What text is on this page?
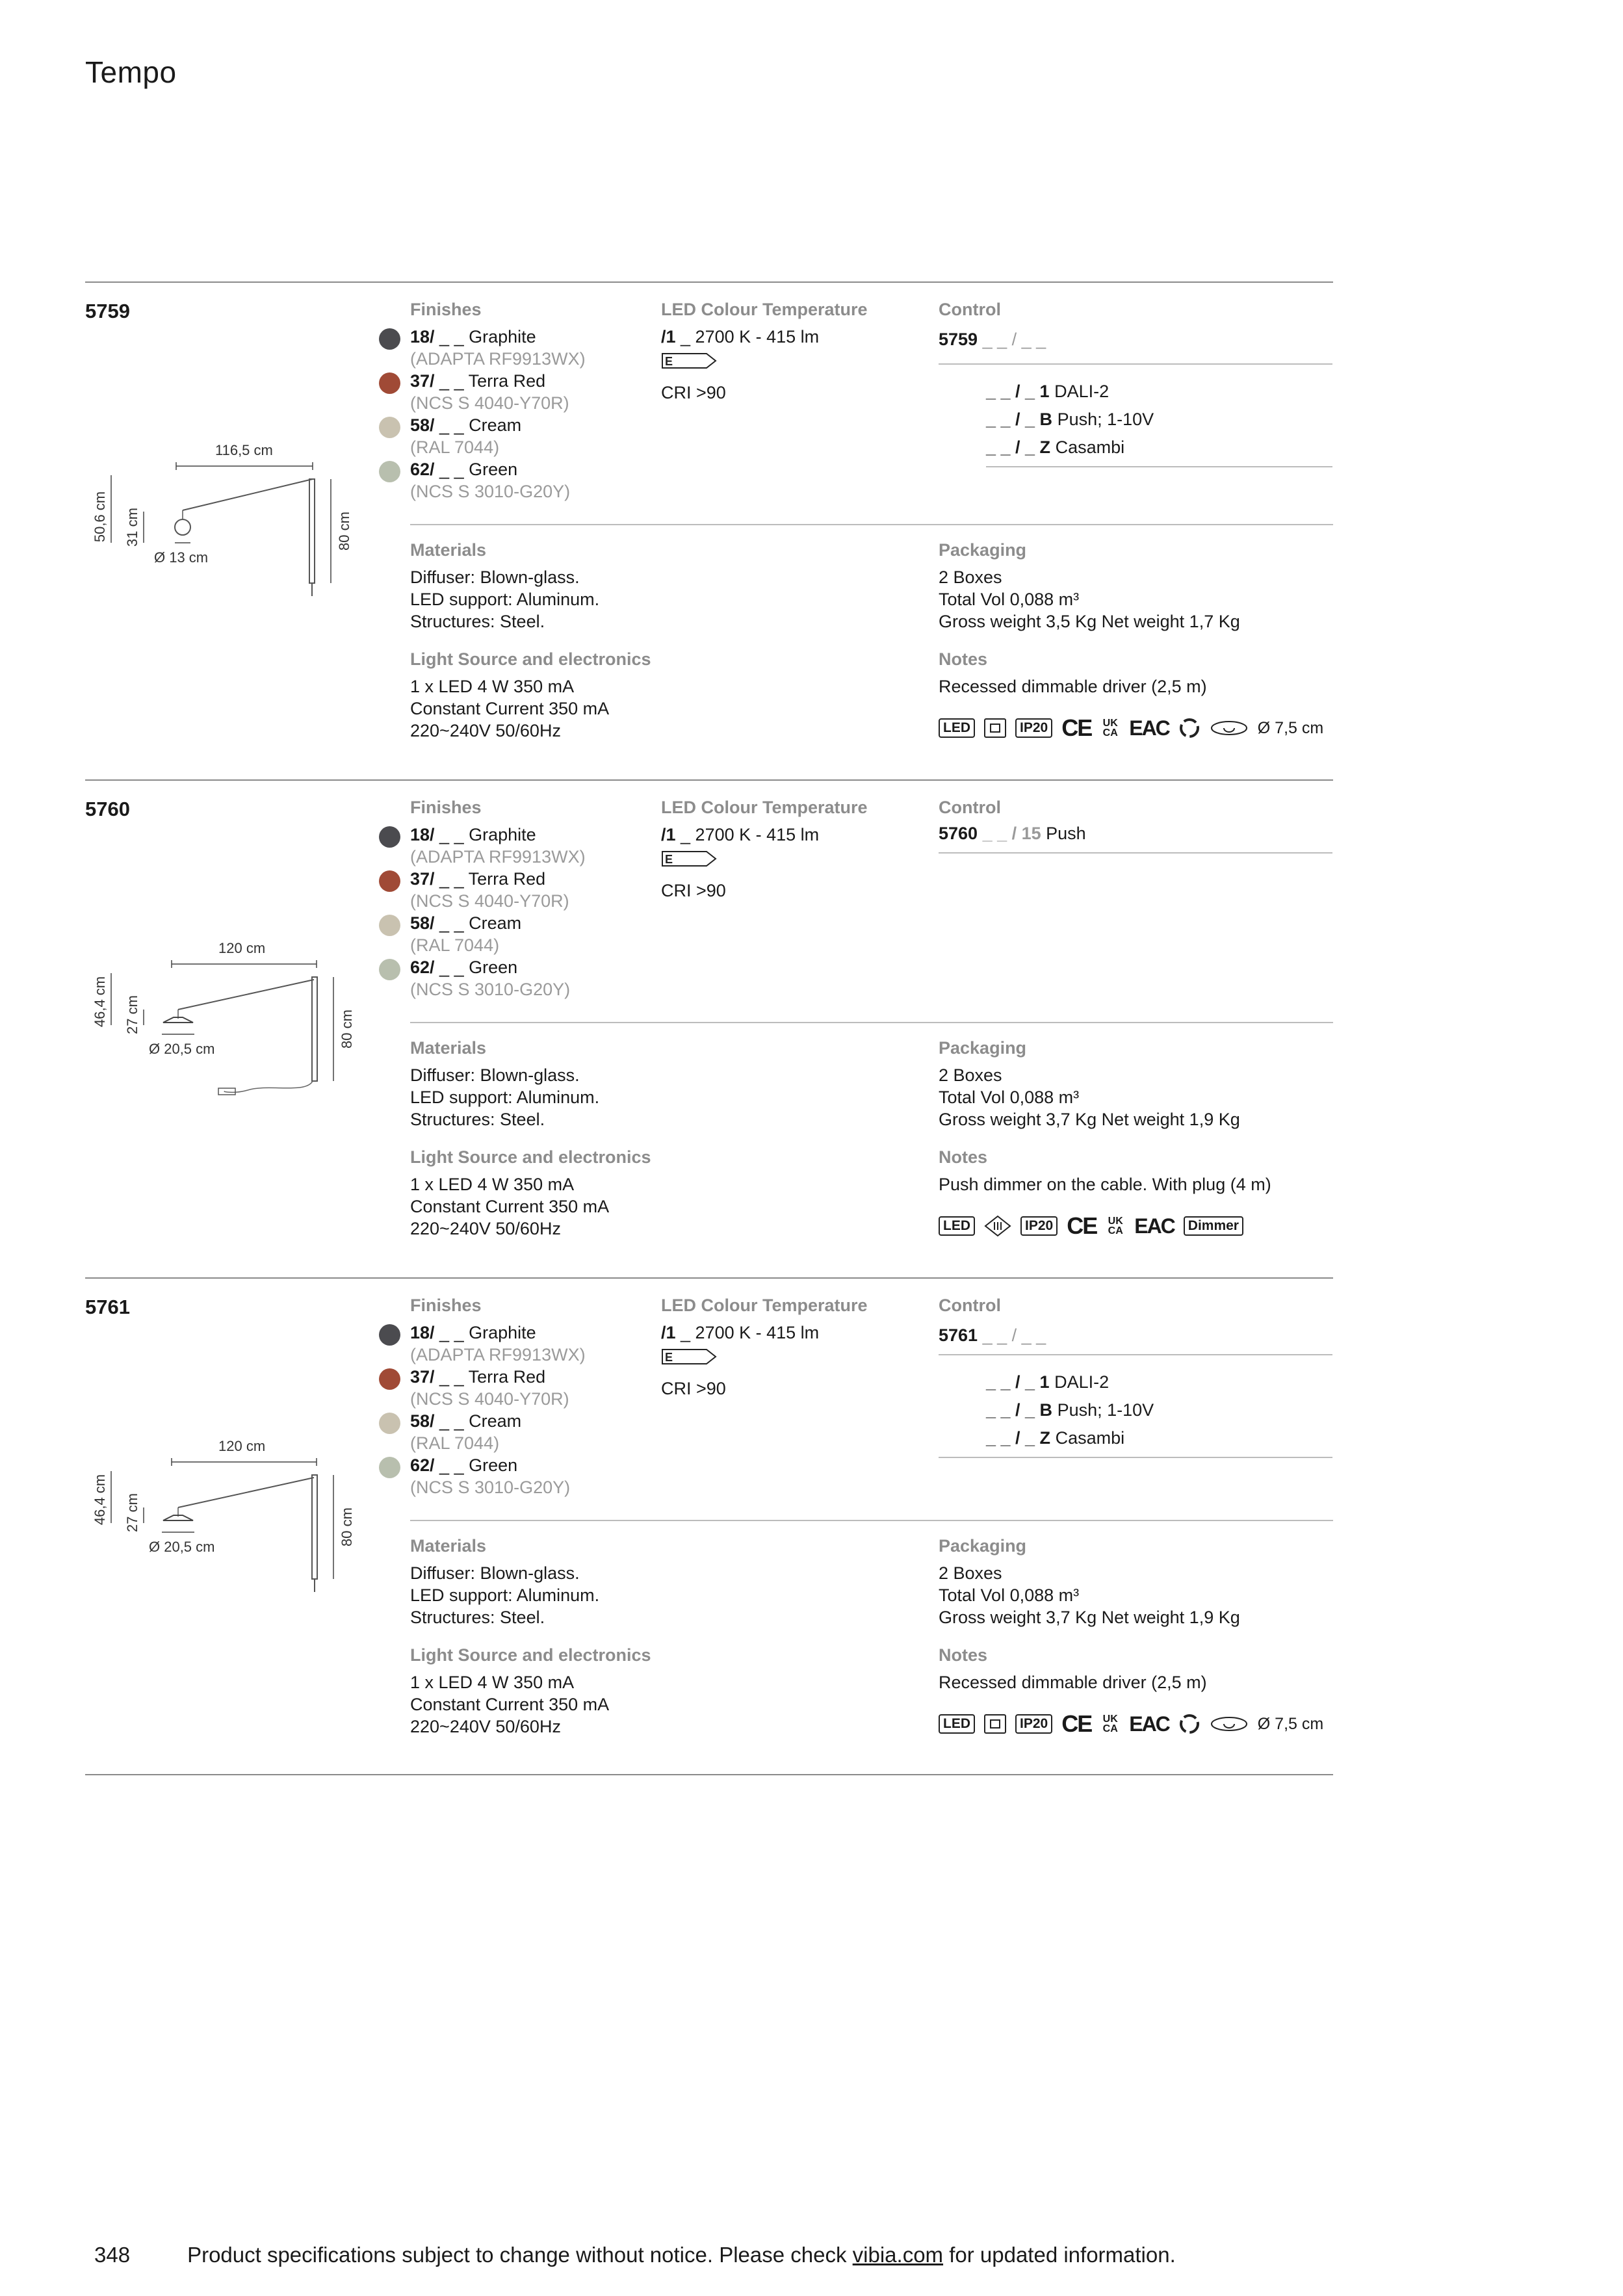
Tempo
5759
116,5 cm
50,6 cm 31 cm	80 cm
Ø 13 cm
Finishes
18/ _ _ Graphite
(ADAPTA RF9913WX)
37/ _ _ Terra Red
(NCS S 4040-Y70R)
58/ _ _ Cream
(RAL 7044)
62/ _ _ Green
(NCS S 3010-G20Y)
LED Colour Temperature
/1 _ 2700 K - 415 lm
E
CRI >90
Control
5759 _ _ / _ _
_ _ / _ 1 DALI-2
_ _ / _ B Push; 1-10V
_ _ / _ Z Casambi
Materials
Diffuser: Blown-glass.
LED support: Aluminum.
Structures: Steel.
Light Source and electronics
1 x LED 4 W 350 mA
Constant Current 350 mA
220~240V 50/60Hz
Packaging
2 Boxes
Total Vol 0,088 m³
Gross weight 3,5 Kg Net weight 1,7 Kg
Notes
Recessed dimmable driver (2,5 m)
LED	IP20 CE UK
CA EAC	Ø 7,5 cm
5760
120 cm
46,4 cm 27 cm	80 cm
Ø 20,5 cm
Finishes
18/ _ _ Graphite
(ADAPTA RF9913WX)
37/ _ _ Terra Red
(NCS S 4040-Y70R)
58/ _ _ Cream
(RAL 7044)
62/ _ _ Green
(NCS S 3010-G20Y)
LED Colour Temperature
/1 _ 2700 K - 415 lm
E
CRI >90
Control
5760 _ _ / 15 Push
Materials
Diffuser: Blown-glass.
LED support: Aluminum.
Structures: Steel.
Light Source and electronics
1 x LED 4 W 350 mA
Constant Current 350 mA
220~240V 50/60Hz
Packaging
2 Boxes
Total Vol 0,088 m³
Gross weight 3,7 Kg Net weight 1,9 Kg
Notes
Push dimmer on the cable. With plug (4 m)
LED	IP20 CE UK
CA EAC	Dimmer
5761
120 cm
46,4 cm 27 cm	80 cm
Ø 20,5 cm
Finishes
18/ _ _ Graphite
(ADAPTA RF9913WX)
37/ _ _ Terra Red
(NCS S 4040-Y70R)
58/ _ _ Cream
(RAL 7044)
62/ _ _ Green
(NCS S 3010-G20Y)
LED Colour Temperature
/1 _ 2700 K - 415 lm
E
CRI >90
Control
5761 _ _ / _ _
_ _ / _ 1 DALI-2
_ _ / _ B Push; 1-10V
_ _ / _ Z Casambi
Materials
Diffuser: Blown-glass.
LED support: Aluminum.
Structures: Steel.
Light Source and electronics
1 x LED 4 W 350 mA
Constant Current 350 mA
220~240V 50/60Hz
Packaging
2 Boxes
Total Vol 0,088 m³
Gross weight 3,7 Kg Net weight 1,9 Kg
Notes
Recessed dimmable driver (2,5 m)
LED	IP20 CE UK
CA EAC	Ø 7,5 cm
348	Product specifications subject to change without notice. Please check vibia.com for updated information.
